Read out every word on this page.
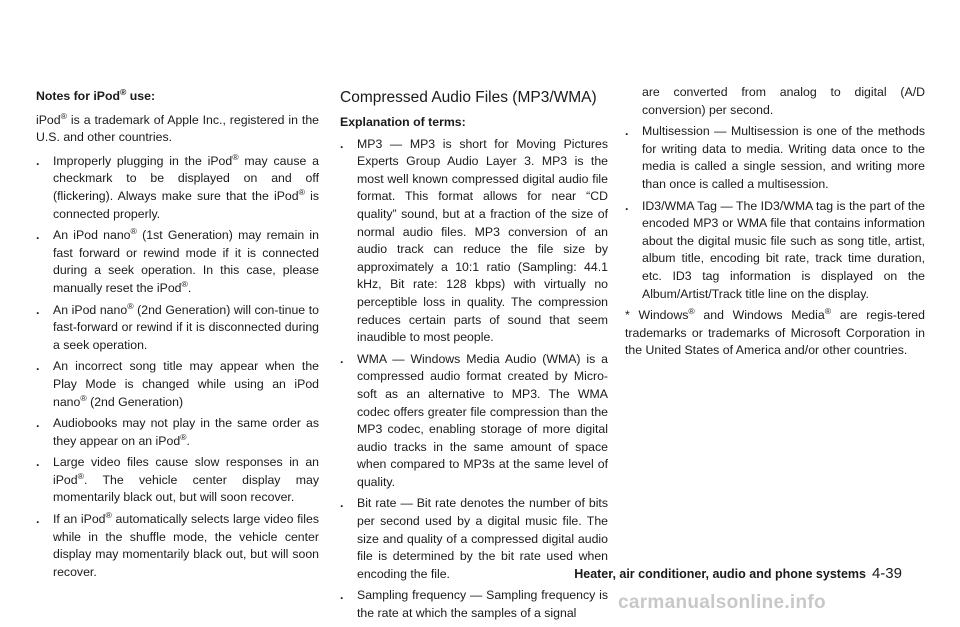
Notes for iPod® use:

iPod® is a trademark of Apple Inc., registered in the U.S. and other countries.

. Improperly plugging in the iPod® may cause a checkmark to be displayed on and off (flickering). Always make sure that the iPod® is connected properly.
. An iPod nano® (1st Generation) may remain in fast forward or rewind mode if it is connected during a seek operation. In this case, please manually reset the iPod®.
. An iPod nano® (2nd Generation) will con-tinue to fast-forward or rewind if it is disconnected during a seek operation.
. An incorrect song title may appear when the Play Mode is changed while using an iPod nano® (2nd Generation)
. Audiobooks may not play in the same order as they appear on an iPod®.
. Large video files cause slow responses in an iPod®. The vehicle center display may momentarily black out, but will soon recover.
. If an iPod® automatically selects large video files while in the shuffle mode, the vehicle center display may momentarily black out, but will soon recover.
Compressed Audio Files (MP3/WMA)

Explanation of terms:

. MP3 — MP3 is short for Moving Pictures Experts Group Audio Layer 3. MP3 is the most well known compressed digital audio file format. This format allows for near “CD quality” sound, but at a fraction of the size of normal audio files. MP3 conversion of an audio track can reduce the file size by approximately a 10:1 ratio (Sampling: 44.1 kHz, Bit rate: 128 kbps) with virtually no perceptible loss in quality. The compression reduces certain parts of sound that seem inaudible to most people.
. WMA — Windows Media Audio (WMA) is a compressed audio format created by Micro-soft as an alternative to MP3. The WMA codec offers greater file compression than the MP3 codec, enabling storage of more digital audio tracks in the same amount of space when compared to MP3s at the same level of quality.
. Bit rate — Bit rate denotes the number of bits per second used by a digital music file. The size and quality of a compressed digital audio file is determined by the bit rate used when encoding the file.
. Sampling frequency — Sampling frequency is the rate at which the samples of a signal

are converted from analog to digital (A/D conversion) per second.

. Multisession — Multisession is one of the methods for writing data to media. Writing data once to the media is called a single session, and writing more than once is called a multisession.
. ID3/WMA Tag — The ID3/WMA tag is the part of the encoded MP3 or WMA file that contains information about the digital music file such as song title, artist, album title, encoding bit rate, track time duration, etc. ID3 tag information is displayed on the Album/Artist/Track title line on the display.

* Windows® and Windows Media® are regis-tered trademarks or trademarks of Microsoft Corporation in the United States of America and/or other countries.

Heater, air conditioner, audio and phone systems 4-39
carmanualsonline.info
